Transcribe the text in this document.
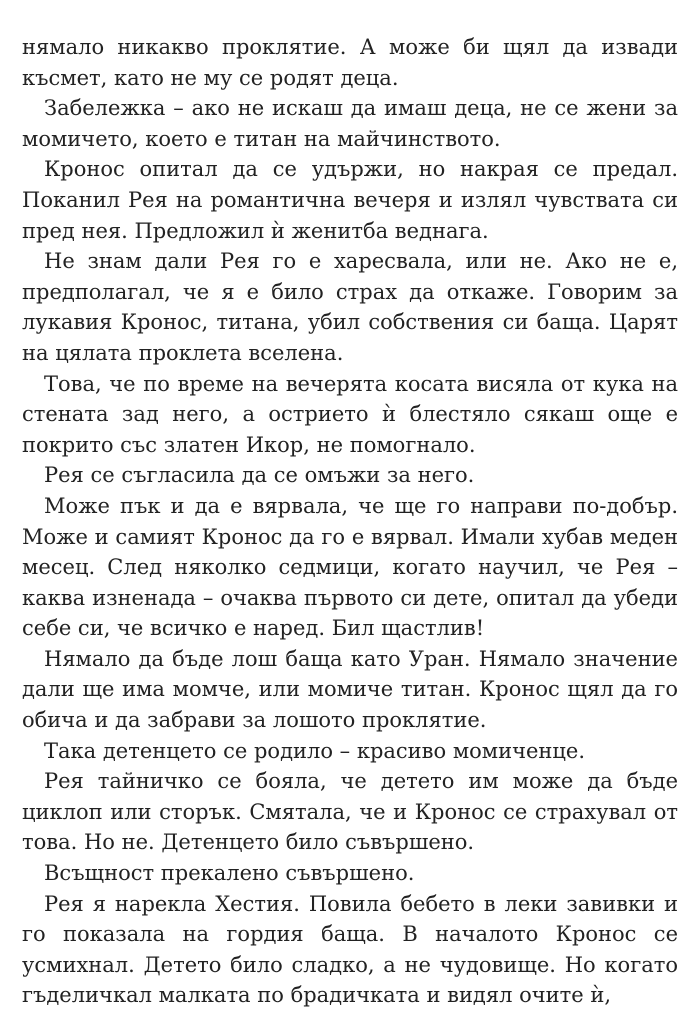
нямало никакво проклятие. А може би щял да извади късмет, като не му се родят деца.

Забележка – ако не искаш да имаш деца, не се жени за момичето, което е титан на майчинството.

Кронос опитал да се удържи, но накрая се предал. Поканил Рея на романтична вечеря и излял чувствата си пред нея. Предложил ѝ женитба веднага.

Не знам дали Рея го е харесвала, или не. Ако не е, предполагал, че я е било страх да откаже. Говорим за лукавия Кронос, титана, убил собствения си баща. Царят на цялата проклета вселена.

Това, че по време на вечерята косата висяла от кука на стената зад него, а острието ѝ блестяло сякаш още е покрито със златен Икор, не помогнало.

Рея се съгласила да се омъжи за него.

Може пък и да е вярвала, че ще го направи по-добър. Може и самият Кронос да го е вярвал. Имали хубав меден месец. След няколко седмици, когато научил, че Рея – каква изненада – очаква първото си дете, опитал да убеди себе си, че всичко е наред. Бил щастлив!

Нямало да бъде лош баща като Уран. Нямало значение дали ще има момче, или момиче титан. Кронос щял да го обича и да забрави за лошото проклятие.

Така детенцето се родило – красиво момиченце.

Рея тайничко се бояла, че детето им може да бъде циклоп или сторък. Смятала, че и Кронос се страхувал от това. Но не. Детенцето било съвършено.

Всъщност прекалено съвършено.

Рея я нарекла Хестия. Повила бебето в леки завивки и го показала на гордия баща. В началото Кронос се усмихнал. Детето било сладко, а не чудовище. Но когато гъделичкал малката по брадичката и видял очите ѝ,
